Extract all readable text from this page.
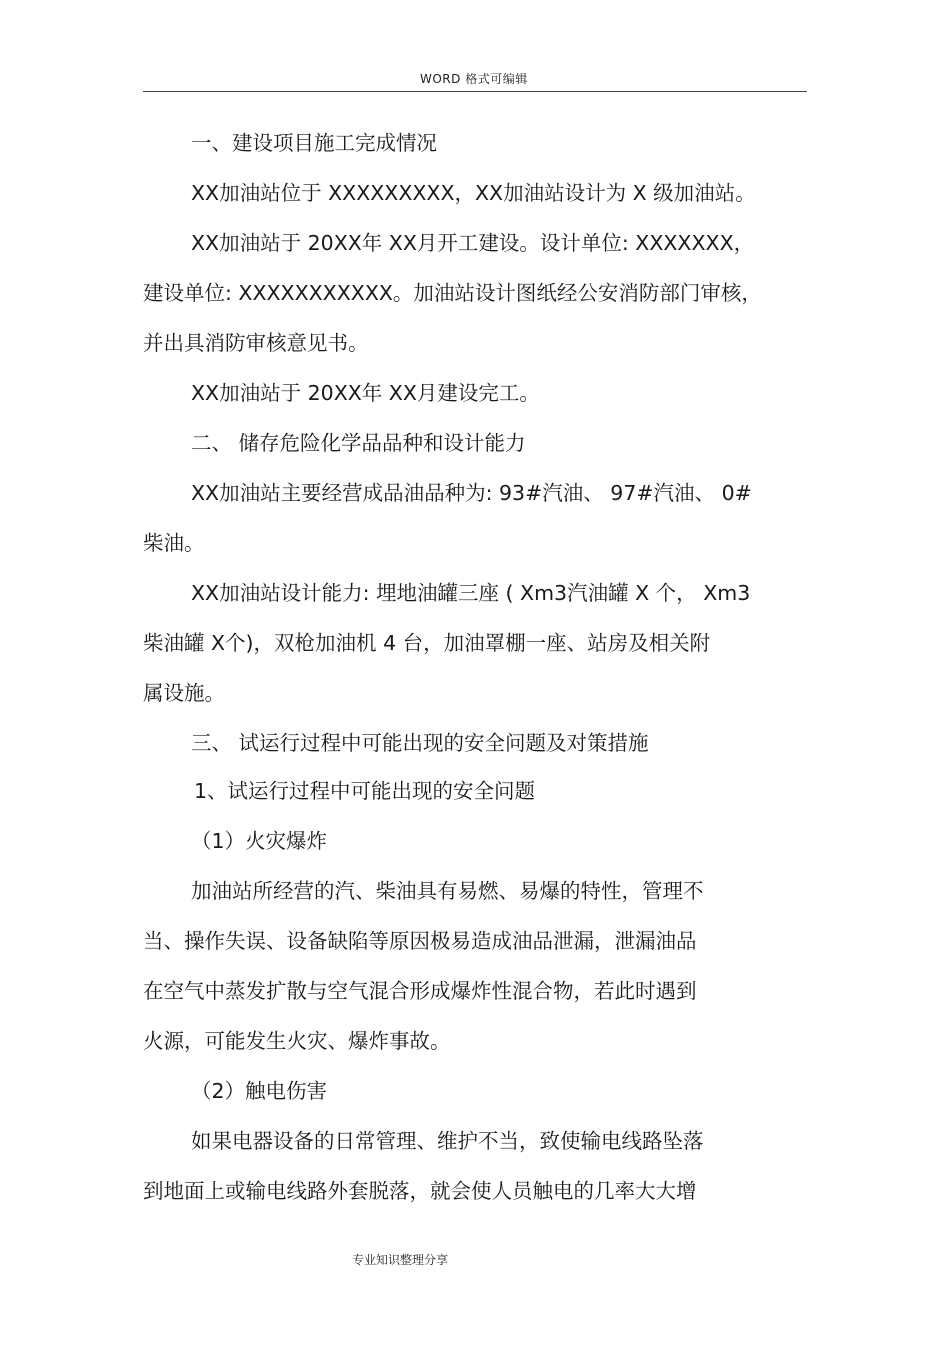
WORD 格式可编辑
一、建设项目施工完成情况
XX加油站位于 XXXXXXXXX，XX加油站设计为 X 级加油站。
XX加油站于 20XX年 XX月开工建设。设计单位: XXXXXXX，
建设单位: XXXXXXXXXXX。加油站设计图纸经公安消防部门审核，
并出具消防审核意见书。
XX加油站于 20XX年 XX月建设完工。
二、 储存危险化学品品种和设计能力
XX加油站主要经营成品油品种为: 93#汽油、 97#汽油、 0#
柴油。
XX加油站设计能力: 埋地油罐三座 ( Xm3汽油罐 X 个， Xm3
柴油罐 X个)，双枪加油机 4 台，加油罩棚一座、站房及相关附
属设施。
三、 试运行过程中可能出现的安全问题及对策措施
1、试运行过程中可能出现的安全问题
（1）火灾爆炸
加油站所经营的汽、柴油具有易燃、易爆的特性，管理不
当、操作失误、设备缺陷等原因极易造成油品泄漏，泄漏油品
在空气中蒸发扩散与空气混合形成爆炸性混合物，若此时遇到
火源，可能发生火灾、爆炸事故。
（2）触电伤害
如果电器设备的日常管理、维护不当，致使输电线路坠落
到地面上或输电线路外套脱落，就会使人员触电的几率大大增
专业知识整理分享
